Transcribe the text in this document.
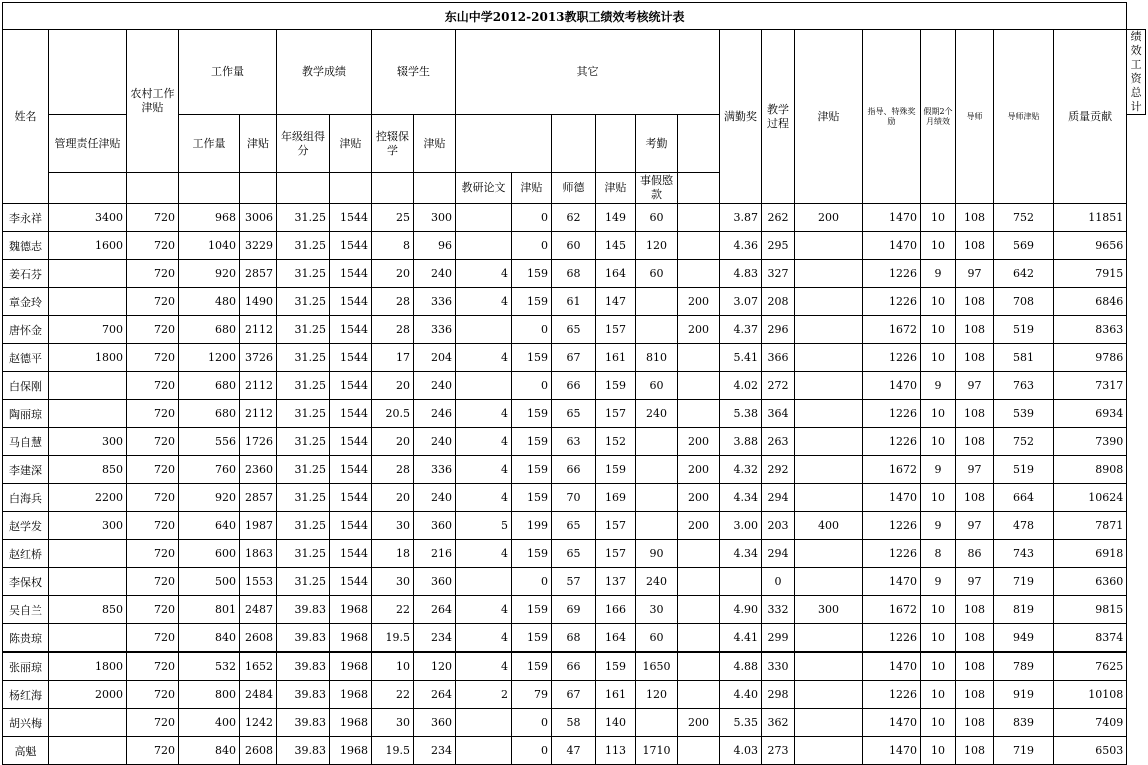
东山中学2012-2013教职工绩效考核统计表																							
姓名		农村工作津贴	工作量		教学成绩		辍学生		其它						满勤奖	教学过程	津贴	指导、特殊奖励	假期2个月绩效	导师	导师津贴	质量贡献	绩效工资总计
	管理责任津贴		工作量	津贴	年级组得分	津贴	控辍保学	津贴					考勤										
									教研论文	津贴	师德	津贴	事假愍款										
李永祥	3400	720	968	3006	31.25	1544	25	300		0	62	149	60		3.87	262	200	1470	10	108	752	11851	
魏德志	1600	720	1040	3229	31.25	1544	8	96		0	60	145	120		4.36	295		1470	10	108	569	9656	
姜石芬		720	920	2857	31.25	1544	20	240	4	159	68	164	60		4.83	327		1226	9	97	642	7915	
章金玲		720	480	1490	31.25	1544	28	336	4	159	61	147		200	3.07	208		1226	10	108	708	6846	
唐怀金	700	720	680	2112	31.25	1544	28	336		0	65	157		200	4.37	296		1672	10	108	519	8363	
赵德平	1800	720	1200	3726	31.25	1544	17	204	4	159	67	161	810		5.41	366		1226	10	108	581	9786	
白保刚		720	680	2112	31.25	1544	20	240		0	66	159	60		4.02	272		1470	9	97	763	7317	
陶丽琼		720	680	2112	31.25	1544	20.5	246	4	159	65	157	240		5.38	364		1226	10	108	539	6934	
马自慧	300	720	556	1726	31.25	1544	20	240	4	159	63	152		200	3.88	263		1226	10	108	752	7390	
李建深	850	720	760	2360	31.25	1544	28	336	4	159	66	159		200	4.32	292		1672	9	97	519	8908	
白海兵	2200	720	920	2857	31.25	1544	20	240	4	159	70	169		200	4.34	294		1470	10	108	664	10624	
赵学发	300	720	640	1987	31.25	1544	30	360	5	199	65	157		200	3.00	203	400	1226	9	97	478	7871	
赵红桥		720	600	1863	31.25	1544	18	216	4	159	65	157	90		4.34	294		1226	8	86	743	6918	
李保权		720	500	1553	31.25	1544	30	360		0	57	137	240			0		1470	9	97	719	6360	
吴自兰	850	720	801	2487	39.83	1968	22	264	4	159	69	166	30		4.90	332	300	1672	10	108	819	9815	
陈贵琼		720	840	2608	39.83	1968	19.5	234	4	159	68	164	60		4.41	299		1226	10	108	949	8374	
张丽琼	1800	720	532	1652	39.83	1968	10	120	4	159	66	159	1650		4.88	330		1470	10	108	789	7625	
杨红海	2000	720	800	2484	39.83	1968	22	264	2	79	67	161	120		4.40	298		1226	10	108	919	10108	
胡兴梅		720	400	1242	39.83	1968	30	360		0	58	140		200	5.35	362		1470	10	108	839	7409	
高魁		720	840	2608	39.83	1968	19.5	234		0	47	113	1710		4.03	273		1470	10	108	719	6503	
